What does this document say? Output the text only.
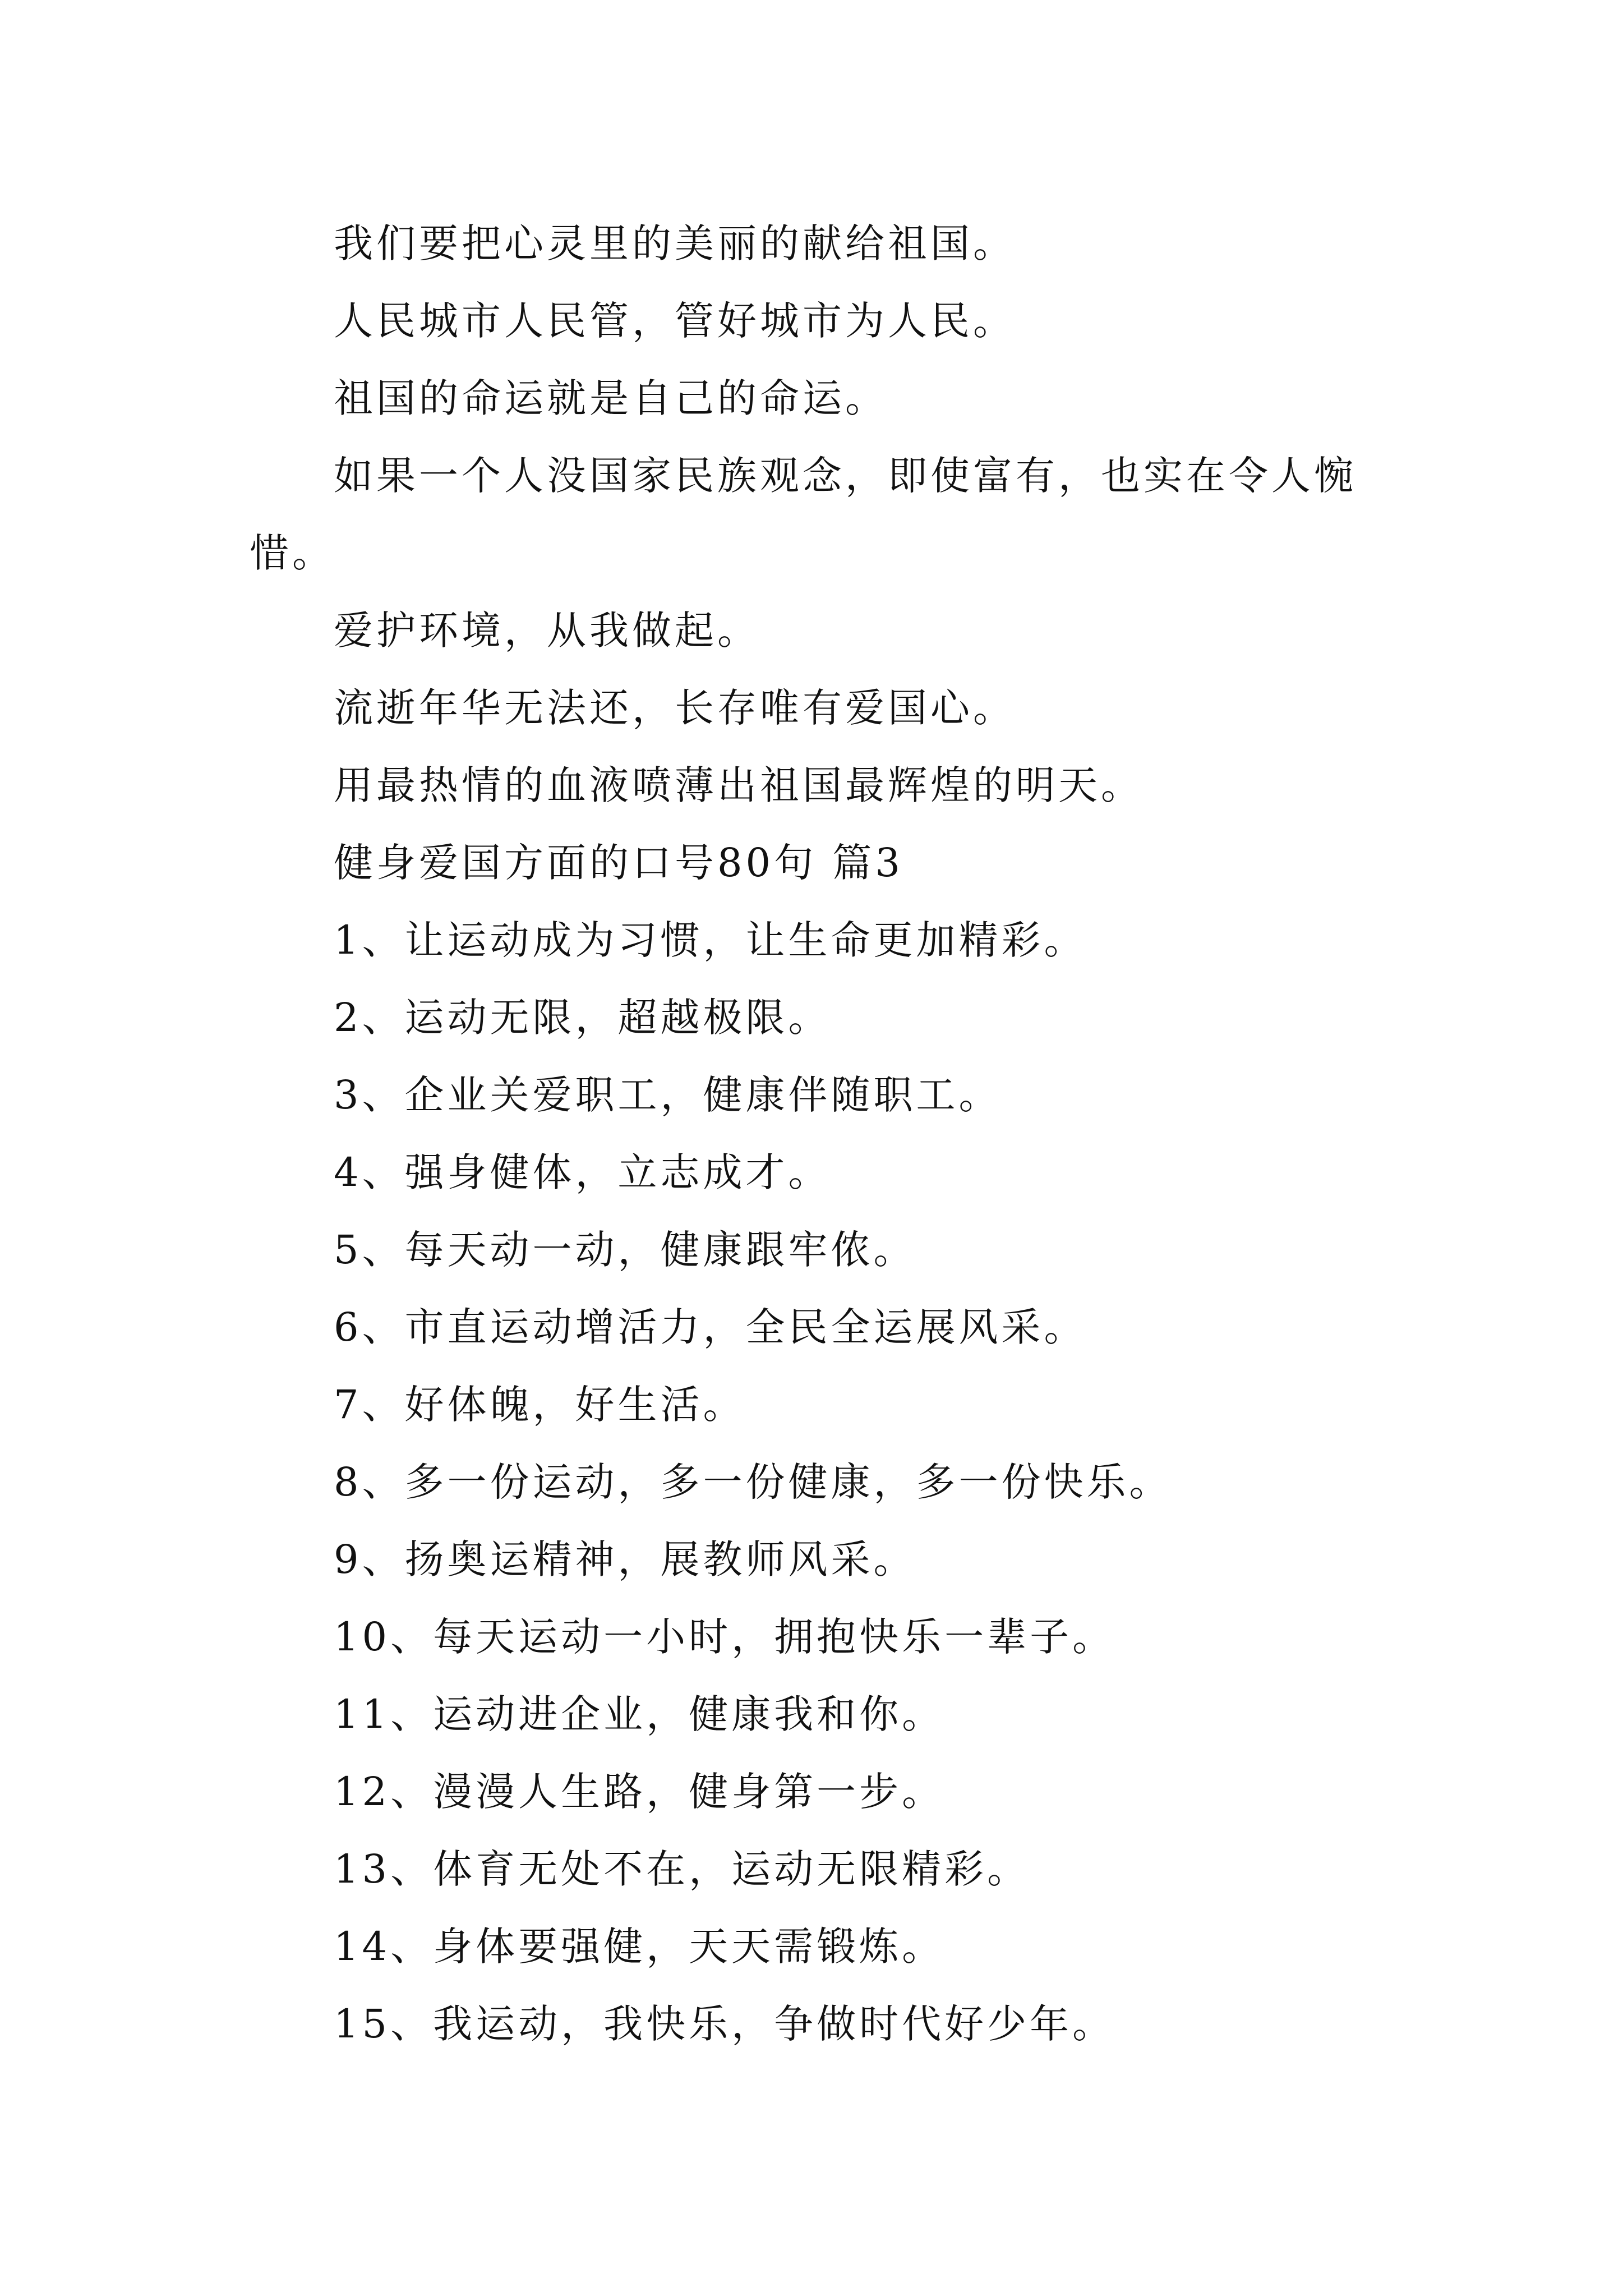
我们要把心灵里的美丽的献给祖国。
人民城市人民管，管好城市为人民。
祖国的命运就是自己的命运。
如果一个人没国家民族观念，即使富有，也实在令人惋
惜。
爱护环境，从我做起。
流逝年华无法还，长存唯有爱国心。
用最热情的血液喷薄出祖国最辉煌的明天。
健身爱国方面的口号80句 篇3
1、让运动成为习惯，让生命更加精彩。
2、运动无限，超越极限。
3、企业关爱职工，健康伴随职工。
4、强身健体，立志成才。
5、每天动一动，健康跟牢侬。
6、市直运动增活力，全民全运展风采。
7、好体魄，好生活。
8、多一份运动，多一份健康，多一份快乐。
9、扬奥运精神，展教师风采。
10、每天运动一小时，拥抱快乐一辈子。
11、运动进企业，健康我和你。
12、漫漫人生路，健身第一步。
13、体育无处不在，运动无限精彩。
14、身体要强健，天天需锻炼。
15、我运动，我快乐，争做时代好少年。
